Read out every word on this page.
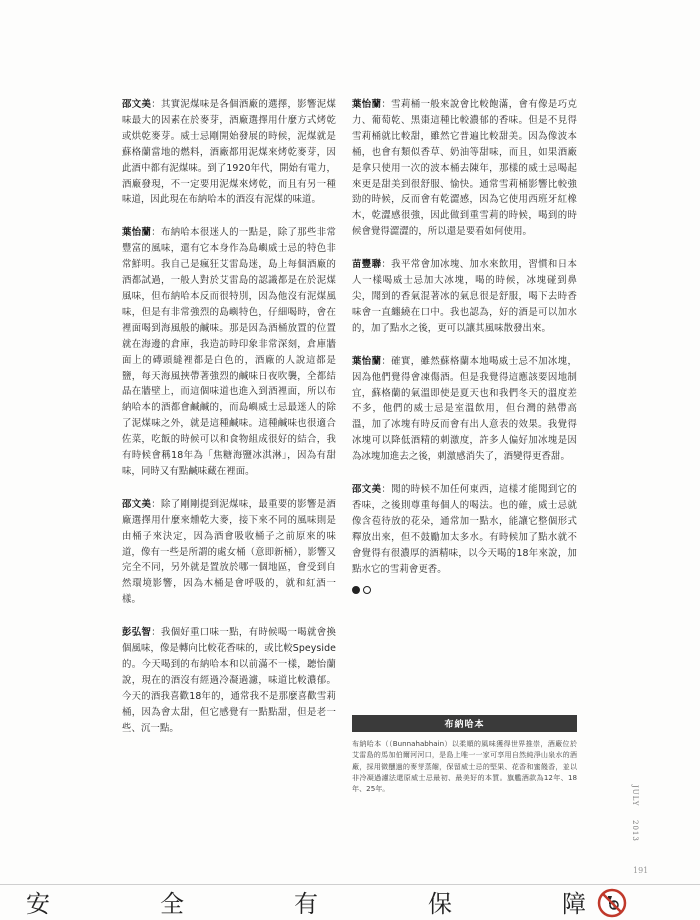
邵文美：其實泥煤味是各個酒廠的選擇，影響泥煤味最大的因素在於麥芽，酒廠選擇用什麼方式烤乾或烘乾麥芽。威士忌剛開始發展的時候，泥煤就是蘇格蘭當地的燃料，酒廠都用泥煤來烤乾麥芽，因此酒中都有泥煤味。到了1920年代，開始有電力，酒廠發現，不一定要用泥煤來烤乾，而且有另一種味道，因此現在布納哈本的酒沒有泥煤的味道。

葉怡蘭：布納哈本很迷人的一點是，除了那些非常豐富的風味，還有它本身作為島嶼威士忌的特色非常鮮明。我自己是瘋狂艾雷島迷，島上每個酒廠的酒都試過，一般人對於艾雷島的認識都是在於泥煤風味，但布納哈本反而很特別，因為他沒有泥煤風味，但是有非常強烈的島嶼特色，仔細喝時，會在裡面喝到海風般的鹹味。那是因為酒桶放置的位置就在海邊的倉庫，我造訪時印象非常深刻，倉庫牆面上的磚頭縫裡都是白色的，酒廠的人說這都是鹽，每天海風挾帶著強烈的鹹味日夜吹襲，全都結晶在牆壁上，而這個味道也進入到酒裡面，所以布納哈本的酒都會鹹鹹的，而島嶼威士忌最迷人的除了泥煤味之外，就是這種鹹味。這種鹹味也很適合佐菜，吃飯的時候可以和食物組成很好的結合，我有時候會稱18年為「焦糖海鹽冰淇淋」，因為有甜味，同時又有點鹹味藏在裡面。

邵文美：除了剛剛提到泥煤味，最重要的影響是酒廠選擇用什麼來燻乾大麥，接下來不同的風味則是由桶子來決定，因為酒會吸收桶子之前原來的味道，像有一些是所謂的處女桶（意即新桶），影響又完全不同，另外就是置放於哪一個地區，會受到自然環境影響，因為木桶是會呼吸的，就和紅酒一樣。

彭弘智：我個好重口味一點，有時候喝一喝就會換個風味，像是轉向比較花香味的，或比較Speyside的。今天喝到的布納哈本和以前滿不一樣，聽怡蘭說，現在的酒沒有經過冷凝過濾，味道比較濃郁。今天的酒我喜歡18年的，通常我不是那麼喜歡雪莉桶，因為會太甜，但它感覺有一點點甜，但是老一些、沉一點。

葉怡蘭：雪莉桶一般來說會比較飽滿，會有像是巧克力、葡萄乾、黑棗這種比較濃郁的香味。但是不見得雪莉桶就比較甜，雖然它普遍比較甜美。因為像波本桶，也會有類似香草、奶油等甜味，而且，如果酒廠是拿只使用一次的波本桶去陳年，那樣的威士忌喝起來更是甜美到很舒服、愉快。通常雪莉桶影響比較強勁的時候，反而會有乾澀感，因為它使用西班牙紅橡木，乾澀感很強，因此做到重雪莉的時候，喝到的時候會覺得澀澀的，所以還是要看如何使用。

苗豐聯：我平常會加冰塊、加水來飲用，習慣和日本人一樣喝威士忌加大冰塊，喝的時候，冰塊碰到鼻尖，聞到的香氣混著冰的氣息很是舒服，喝下去時香味會一直纏繞在口中。我也認為，好的酒是可以加水的，加了點水之後，更可以讓其風味散發出來。

葉怡蘭：確實，雖然蘇格蘭本地喝威士忌不加冰塊，因為他們覺得會凍傷酒。但是我覺得這應該要因地制宜，蘇格蘭的氣溫即使是夏天也和我們冬天的溫度差不多，他們的威士忌是室溫飲用，但台灣的熱帶高溫，加了冰塊有時反而會有出人意表的效果。我覺得冰塊可以降低酒精的刺激度，許多人偏好加冰塊是因為冰塊加進去之後，刺激感消失了，酒變得更香甜。

邵文美：聞的時候不加任何東西，這樣才能聞到它的香味，之後則尊重每個人的喝法。也的確，威士忌就像含苞待放的花朵，通常加一點水，能讓它整個形式釋放出來，但不鼓勵加太多水。有時候加了點水就不會覺得有很濃厚的酒精味，以今天喝的18年來說，加點水它的雪莉會更香。

布納哈本
布納哈本（（Bunnahabhain）以柔順的風味獲得世界推崇，酒廠位於艾雷島的馬加伯爾河河口，是島上唯一一家可享用自然純淨山泉水的酒廠，採用微醺過的麥芽蒸餾，保留威士忌的堅果、花香和蜜餞香，並以非冷凝過濾法還原威士忌最初、最美好的本質。旗艦酒款為12年、18年、25年。	JULY
2013
191
安	全	有	保	障
